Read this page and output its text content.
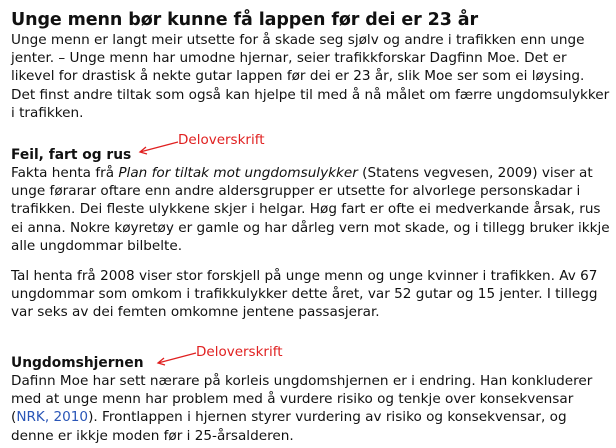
Unge menn bør kunne få lappen før dei er 23 år

Unge menn er langt meir utsette for å skade seg sjølv og andre i trafikken enn unge jenter. – Unge menn har umodne hjernar, seier trafikkforskar Dagfinn Moe. Det er likevel for drastisk å nekte gutar lappen før dei er 23 år, slik Moe ser som ei løysing. Det finst andre tiltak som også kan hjelpe til med å nå målet om færre ungdomsulykker i trafikken.

Feil, fart og rus

Fakta henta frå Plan for tiltak mot ungdomsulykker (Statens vegvesen, 2009) viser at unge førarar oftare enn andre aldersgrupper er utsette for alvorlege personskadar i trafikken. Dei fleste ulykkene skjer i helgar. Høg fart er ofte ei medverkande årsak, rus ei anna. Nokre køyretøy er gamle og har dårleg vern mot skade, og i tillegg bruker ikkje alle ungdommar bilbelte.

Tal henta frå 2008 viser stor forskjell på unge menn og unge kvinner i trafikken. Av 67 ungdommar som omkom i trafikkulykker dette året, var 52 gutar og 15 jenter. I tillegg var seks av dei femten omkomne jentene passasjerar.

Ungdomshjernen

Dafinn Moe har sett nærare på korleis ungdomshjernen er i endring. Han konkluderer med at unge menn har problem med å vurdere risiko og tenkje over konsekvensar (NRK, 2010). Frontlappen i hjernen styrer vurdering av risiko og konsekvensar, og denne er ikkje moden før i 25-årsalderen.

Deloverskrift
Deloverskrift
